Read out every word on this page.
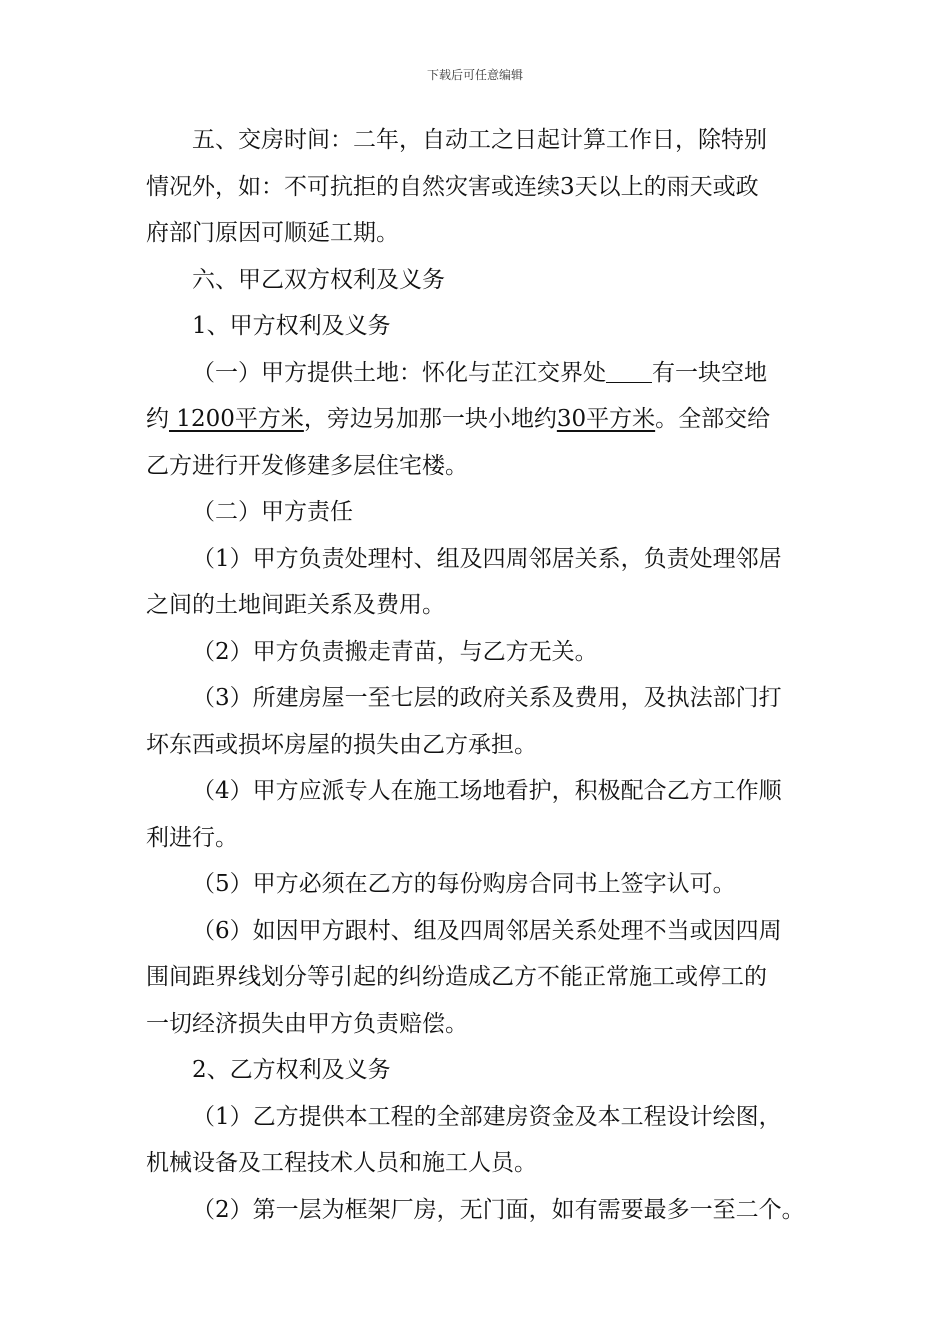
下载后可任意编辑
五、交房时间：二年，自动工之日起计算工作日，除特别
情况外，如：不可抗拒的自然灾害或连续3天以上的雨天或政
府部门原因可顺延工期。
六、甲乙双方权利及义务
1、甲方权利及义务
（一）甲方提供土地：怀化与芷江交界处 有一块空地
约 1200平方米，旁边另加那一块小地约30平方米。全部交给
乙方进行开发修建多层住宅楼。
（二）甲方责任
（1）甲方负责处理村、组及四周邻居关系，负责处理邻居
之间的土地间距关系及费用。
（2）甲方负责搬走青苗，与乙方无关。
（3）所建房屋一至七层的政府关系及费用，及执法部门打
坏东西或损坏房屋的损失由乙方承担。
（4）甲方应派专人在施工场地看护，积极配合乙方工作顺
利进行。
（5）甲方必须在乙方的每份购房合同书上签字认可。
（6）如因甲方跟村、组及四周邻居关系处理不当或因四周
围间距界线划分等引起的纠纷造成乙方不能正常施工或停工的
一切经济损失由甲方负责赔偿。
2、乙方权利及义务
（1）乙方提供本工程的全部建房资金及本工程设计绘图，
机械设备及工程技术人员和施工人员。
（2）第一层为框架厂房，无门面，如有需要最多一至二个。
